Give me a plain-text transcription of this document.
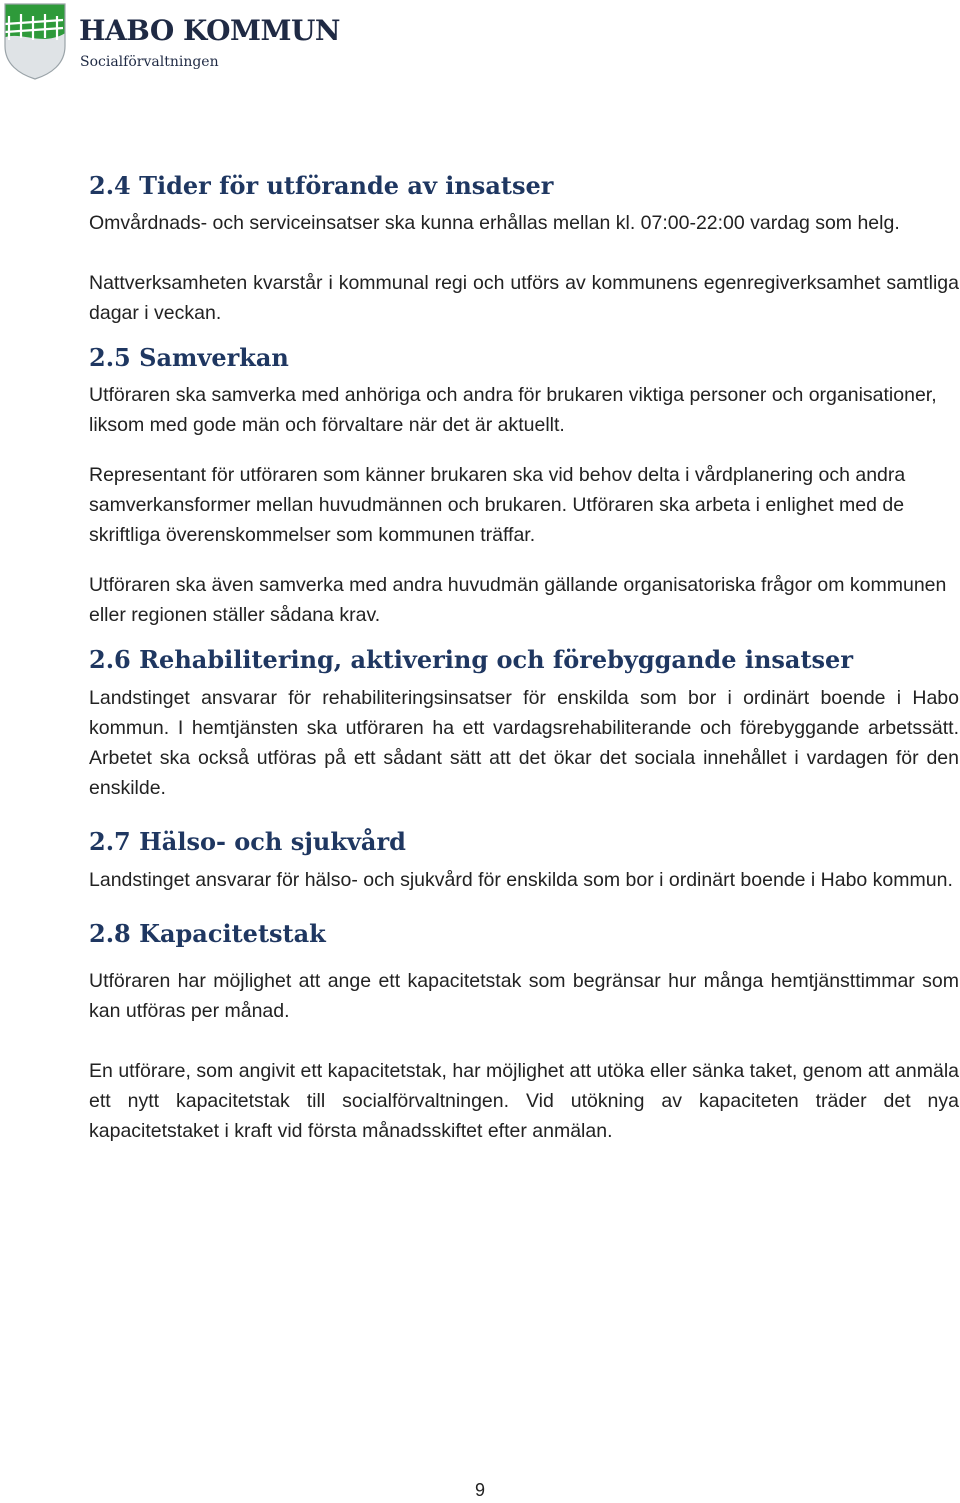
HABO KOMMUN
Socialförvaltningen
2.4 Tider för utförande av insatser

Omvårdnads- och serviceinsatser ska kunna erhållas mellan kl. 07:00-22:00 vardag som helg.

Nattverksamheten kvarstår i kommunal regi och utförs av kommunens egenregiverksamhet samtliga dagar i veckan.

2.5 Samverkan

Utföraren ska samverka med anhöriga och andra för brukaren viktiga personer och organisationer, liksom med gode män och förvaltare när det är aktuellt.

Representant för utföraren som känner brukaren ska vid behov delta i vårdplanering och andra samverkansformer mellan huvudmännen och brukaren. Utföraren ska arbeta i enlighet med de skriftliga överenskommelser som kommunen träffar.

Utföraren ska även samverka med andra huvudmän gällande organisatoriska frågor om kommunen eller regionen ställer sådana krav.

2.6 Rehabilitering, aktivering och förebyggande insatser

Landstinget ansvarar för rehabiliteringsinsatser för enskilda som bor i ordinärt boende i Habo kommun. I hemtjänsten ska utföraren ha ett vardagsrehabiliterande och förebyggande arbetssätt. Arbetet ska också utföras på ett sådant sätt att det ökar det sociala innehållet i vardagen för den enskilde.

2.7 Hälso- och sjukvård

Landstinget ansvarar för hälso- och sjukvård för enskilda som bor i ordinärt boende i Habo kommun.

2.8 Kapacitetstak

Utföraren har möjlighet att ange ett kapacitetstak som begränsar hur många hemtjänsttimmar som kan utföras per månad.

En utförare, som angivit ett kapacitetstak, har möjlighet att utöka eller sänka taket, genom att anmäla ett nytt kapacitetstak till socialförvaltningen. Vid utökning av kapaciteten träder det nya kapacitetstaket i kraft vid första månadsskiftet efter anmälan.

9
